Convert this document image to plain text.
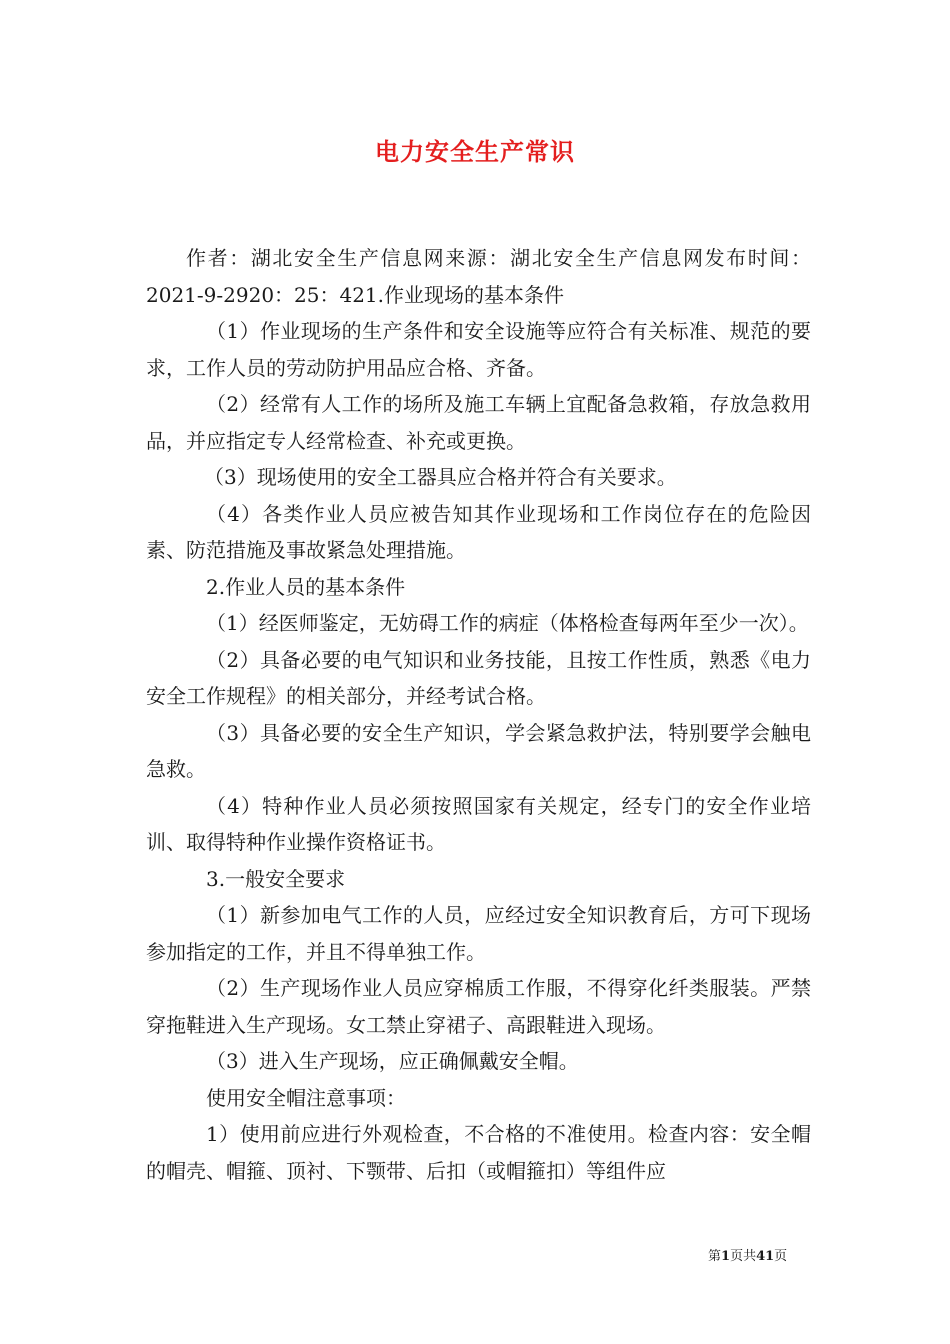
电力安全生产常识

作者：湖北安全生产信息网来源：湖北安全生产信息网发布时间：2021-9-2920：25：421.作业现场的基本条件

（1）作业现场的生产条件和安全设施等应符合有关标准、规范的要求，工作人员的劳动防护用品应合格、齐备。

（2）经常有人工作的场所及施工车辆上宜配备急救箱，存放急救用品，并应指定专人经常检查、补充或更换。

（3）现场使用的安全工器具应合格并符合有关要求。

（4）各类作业人员应被告知其作业现场和工作岗位存在的危险因素、防范措施及事故紧急处理措施。

2.作业人员的基本条件

（1）经医师鉴定，无妨碍工作的病症（体格检查每两年至少一次）。

（2）具备必要的电气知识和业务技能，且按工作性质，熟悉《电力安全工作规程》的相关部分，并经考试合格。

（3）具备必要的安全生产知识，学会紧急救护法，特别要学会触电急救。

（4）特种作业人员必须按照国家有关规定，经专门的安全作业培训、取得特种作业操作资格证书。

3.一般安全要求

（1）新参加电气工作的人员，应经过安全知识教育后，方可下现场参加指定的工作，并且不得单独工作。

（2）生产现场作业人员应穿棉质工作服，不得穿化纤类服装。严禁穿拖鞋进入生产现场。女工禁止穿裙子、高跟鞋进入现场。

（3）进入生产现场，应正确佩戴安全帽。

使用安全帽注意事项：

1）使用前应进行外观检查，不合格的不准使用。检查内容：安全帽的帽壳、帽箍、顶衬、下颚带、后扣（或帽箍扣）等组件应

第1页共41页
